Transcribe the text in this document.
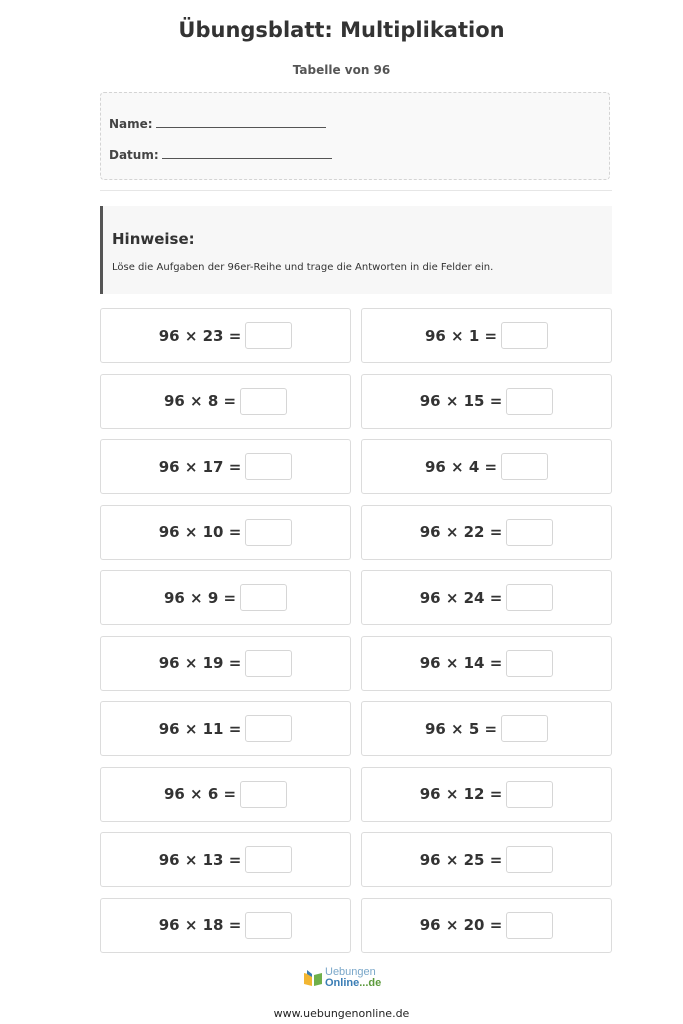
Übungsblatt: Multiplikation
Tabelle von 96
Name:
Datum:
Hinweise:
Löse die Aufgaben der 96er-Reihe und trage die Antworten in die Felder ein.
96 × 23 =	96 × 1 =
96 × 8 =	96 × 15 =
96 × 17 =	96 × 4 =
96 × 10 =	96 × 22 =
96 × 9 =	96 × 24 =
96 × 19 =	96 × 14 =
96 × 11 =	96 × 5 =
96 × 6 =	96 × 12 =
96 × 13 =	96 × 25 =
96 × 18 =	96 × 20 =
Uebungen
Online...de
www.uebungenonline.de
